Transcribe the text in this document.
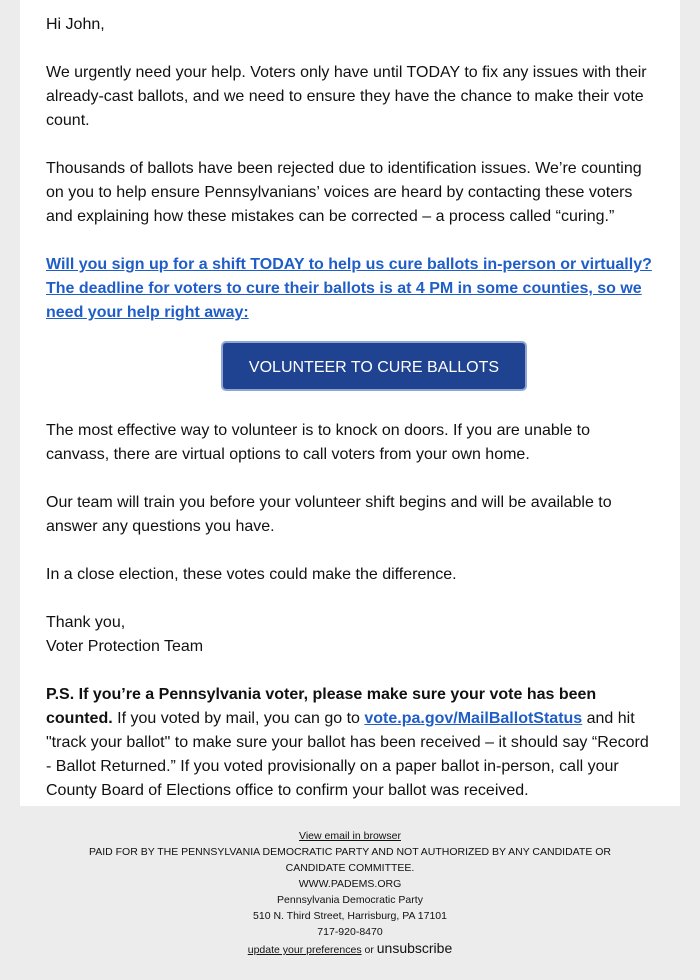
Hi John,

We urgently need your help. Voters only have until TODAY to fix any issues with their already-cast ballots, and we need to ensure they have the chance to make their vote count.

Thousands of ballots have been rejected due to identification issues. We’re counting on you to help ensure Pennsylvanians’ voices are heard by contacting these voters and explaining how these mistakes can be corrected – a process called “curing.”

Will you sign up for a shift TODAY to help us cure ballots in-person or virtually? The deadline for voters to cure their ballots is at 4 PM in some counties, so we need your help right away:

VOLUNTEER TO CURE BALLOTS

The most effective way to volunteer is to knock on doors. If you are unable to canvass, there are virtual options to call voters from your own home.

Our team will train you before your volunteer shift begins and will be available to answer any questions you have.

In a close election, these votes could make the difference.

Thank you,

Voter Protection Team

P.S. If you’re a Pennsylvania voter, please make sure your vote has been counted. If you voted by mail, you can go to vote.pa.gov/MailBallotStatus and hit "track your ballot" to make sure your ballot has been received – it should say “Record - Ballot Returned.” If you voted provisionally on a paper ballot in-person, call your County Board of Elections office to confirm your ballot was received.

View email in browser
PAID FOR BY THE PENNSYLVANIA DEMOCRATIC PARTY AND NOT AUTHORIZED BY ANY CANDIDATE OR CANDIDATE COMMITTEE.
WWW.PADEMS.ORG
Pennsylvania Democratic Party
510 N. Third Street, Harrisburg, PA 17101
717-920-8470
update your preferences or unsubscribe
